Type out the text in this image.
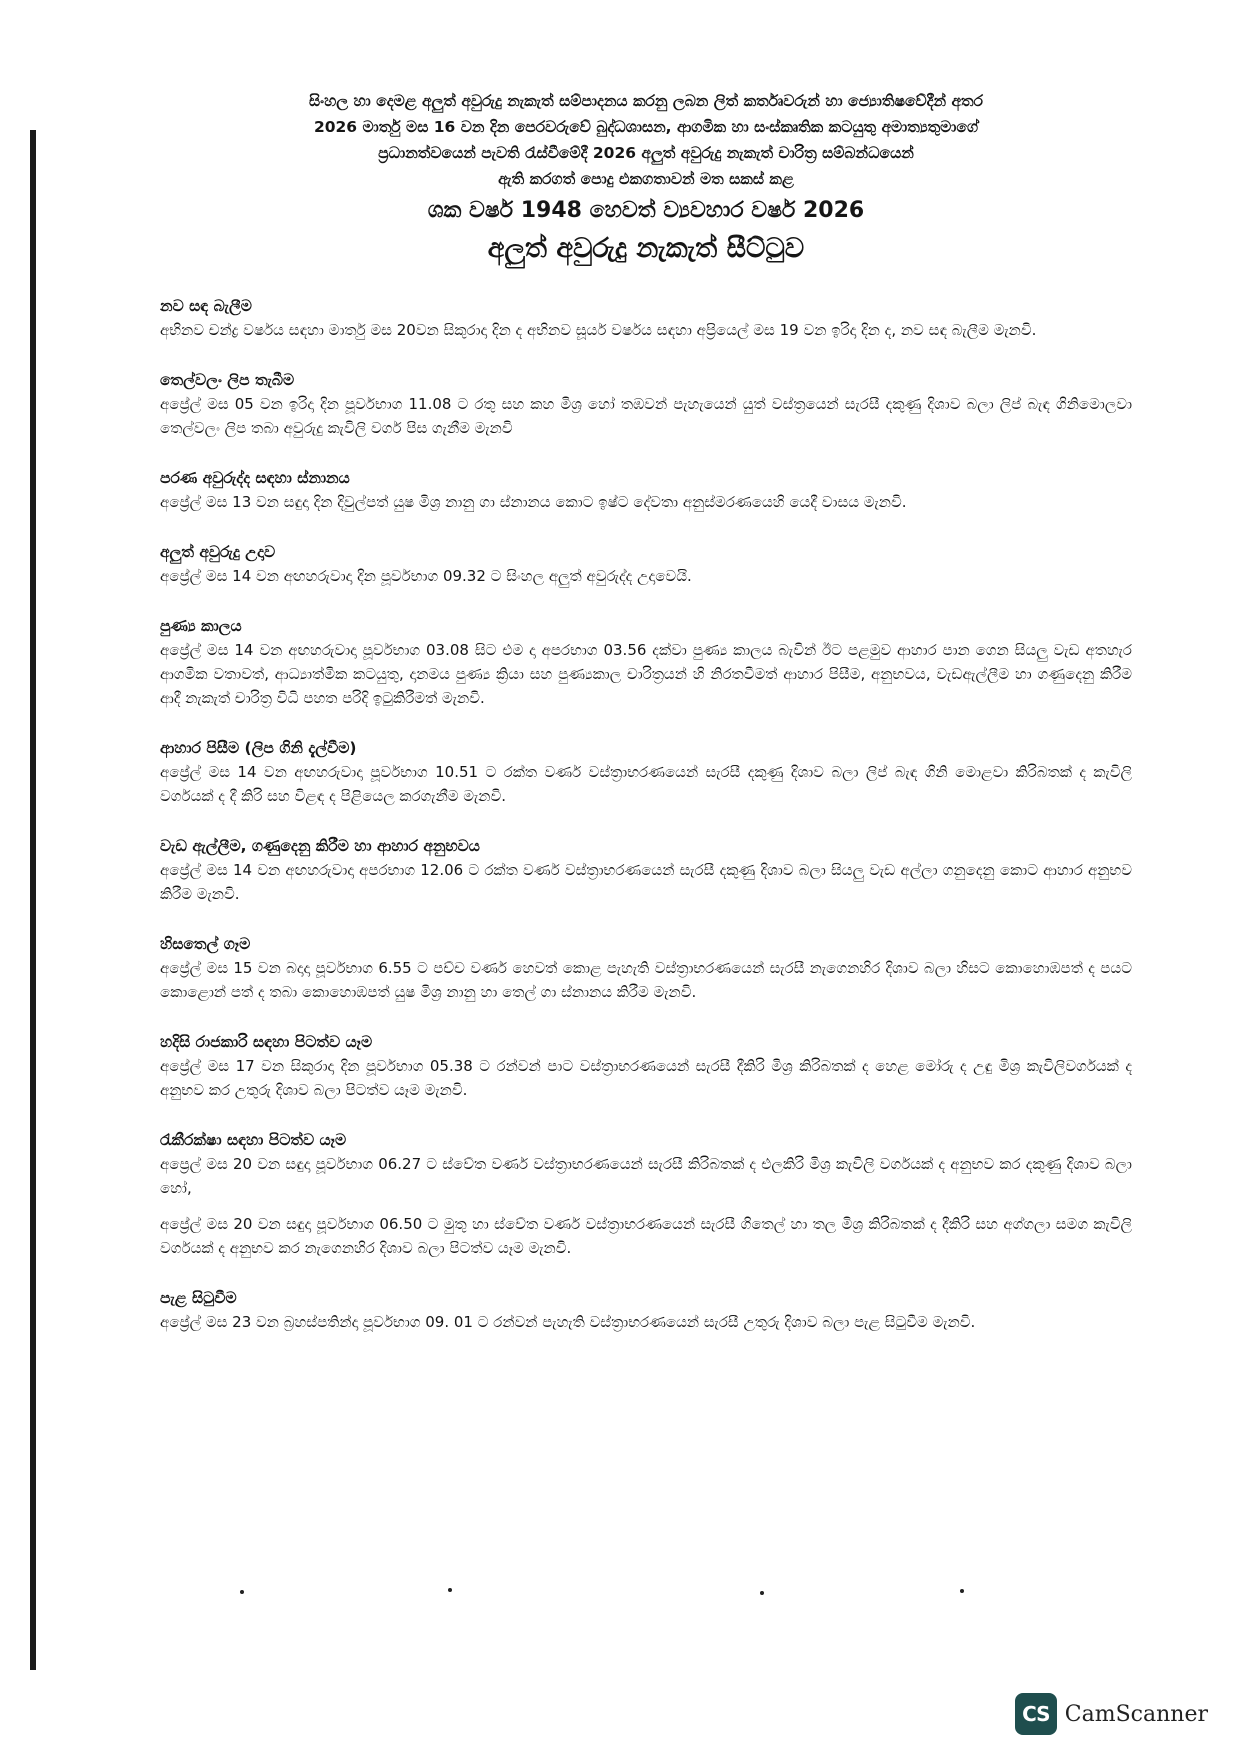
සිංහල හා දෙමළ අලුත් අවුරුදු නැකැත් සම්පාදනය කරනු ලබන ලිත් කර්තෘවරුන් හා ජ්‍යොතිෂවේදීන් අතර
2026 මාර්තු මස 16 වන දින පෙරවරුවේ බුද්ධශාසන, ආගමික හා සංස්කෘතික කටයුතු අමාත්‍යතුමාගේ
ප්‍රධානත්වයෙන් පැවති රැස්වීමේදී 2026 අලුත් අවුරුදු නැකැත් චාරිත්‍ර සම්බන්ධයෙන්
ඇති කරගත් පොදු එකගතාවන් මත සකස් කළ
ශක වර්ෂ 1948 හෙවත් ව්‍යවහාර වර්ෂ 2026
අලුත් අවුරුදු නැකැත් සීට්ටුව
නව සඳ බැලීම

අභිනව චන්ද්‍ර වර්ෂය සඳහා මාර්තු මස 20වන සිකුරාදා දින ද අභිනව සූර්ය වර්ෂය සඳහා අප්‍රියෙල් මස 19 වන ඉරිදා දින ද, නව සඳ බැලීම මැනවි.

තෙල්වලං ලිප තැබීම

අප්‍රේල් මස 05 වන ඉරිදා දින පූර්වභාග 11.08 ට රතු සහ කහ මිශ්‍ර හෝ තඹවන් පැහැයෙන් යුත් වස්ත්‍රයෙන් සැරසී දකුණු දිශාව බලා ලිප් බැඳ ගිනිමොලවා තෙල්වලං ලිප තබා අවුරුදු කැවිලි වර්ග පිස ගැනීම මැනවි

පරණ අවුරුද්ද සඳහා ස්නානය

අප්‍රේල් මස 13 වන සඳුදා දින දිවුල්පත් යුෂ මිශ්‍ර නානු ගා ස්නානය කොට ඉෂ්ට දේවතා අනුස්මරණයෙහි යෙදී වාසය මැනවි.

අලුත් අවුරුදු උදාව

අප්‍රේල් මස 14 වන අඟහරුවාදා දින පූර්වභාග 09.32 ට සිංහල අලුත් අවුරුද්ද උදාවෙයි.

පුණ්‍ය කාලය

අප්‍රේල් මස 14 වන අඟහරුවාදා පූර්වභාග 03.08 සිට එම දා අපරභාග 03.56 දක්වා පුණ්‍ය කාලය බැවින් ඊට පළමුව ආහාර පාන ගෙන සියලු වැඩ අතහැර ආගමික වතාවත්, ආධ්‍යාත්මික කටයුතු, දානමය පුණ්‍ය ක්‍රියා සහ පුණ්‍යකාල චාරිත්‍රයන් හි නිරතවීමත් ආහාර පිසීම, අනුභවය, වැඩඇල්ලීම හා ගණුදෙනු කිරීම ආදී නැකැත් චාරිත්‍ර විධි පහත පරිදි ඉටුකිරීමත් මැනවි.

ආහාර පිසීම (ලිප ගිනි දැල්වීම)

අප්‍රේල් මස 14 වන අඟහරුවාදා පූර්වභාග 10.51 ට රක්ත වර්ණ වස්ත්‍රාභරණයෙන් සැරසී දකුණු දිශාව බලා ලිප් බැඳ ගිනි මොළවා කිරිබතක් ද කැවිලි වර්ගයක් ද දී කිරි සහ විළඳ ද පිළියෙල කරගැනීම මැනවි.

වැඩ ඇල්ලීම, ගණුදෙනු කිරීම හා ආහාර අනුභවය

අප්‍රේල් මස 14 වන අඟහරුවාදා අපරභාග 12.06 ට රක්ත වර්ණ වස්ත්‍රාභරණයෙන් සැරසී දකුණු දිශාව බලා සියලු වැඩ අල්ලා ගනුදෙනු කොට ආහාර අනුභව කිරීම මැනවි.

හිසතෙල් ගෑම

අප්‍රේල් මස 15 වන බදාදා පූර්වභාග 6.55 ට පච්ච වර්ණ හෙවත් කොළ පැහැති වස්ත්‍රාභරණයෙන් සැරසී නැගෙනහිර දිශාව බලා හිසට කොහොඹපත් ද පයට කොළොන් පත් ද තබා කොහොඹපත් යුෂ මිශ්‍ර නානු හා තෙල් ගා ස්නානය කිරීම මැනවි.

හදිසි රාජකාරි සඳහා පිටත්ව යෑම

අප්‍රේල් මස 17 වන සිකුරාදා දින පූර්වභාග 05.38 ට රන්වන් පාට වස්ත්‍රාභරණයෙන් සැරසී දීකිරි මිශ්‍ර කිරිබතක් ද හෙළ මෝරු ද උඳු මිශ්‍ර කැවිලිවර්ගයක් ද අනුභව කර උතුරු දිශාව බලා පිටත්ව යෑම මැනවි.

රැකීරක්ෂා සඳහා පිටත්ව යෑම

අප්‍රෙල් මස 20 වන සඳුදා පූර්වභාග 06.27 ට ස්වේත වර්ණ වස්ත්‍රාභරණයෙන් සැරසී කිරිබතක් ද එලකිරි මිශ්‍ර කැවිලි වර්ගයක් ද අනුභව කර දකුණු දිශාව බලා හෝ,

අප්‍රේල් මස 20 වන සඳුදා පූර්වභාග 06.50 ට මුතු හා ස්වේත වර්ණ වස්ත්‍රාභරණයෙන් සැරසී ගිතෙල් හා තල මිශ්‍ර කිරිබතක් ද දීකිරි සහ අග්ගලා සමග කැවිලි වර්ගයක් ද අනුභව කර නැගෙනහිර දිශාව බලා පිටත්ව යෑම මැනවි.

පැළ සිටුවීම

අප්‍රේල් මස 23 වන බ්‍රහස්පතින්දා පූර්වභාග 09. 01 ට රන්වන් පැහැති වස්ත්‍රාභරණයෙන් සැරසී උතුරු දිශාව බලා පැළ සිටුවීම මැනවි.

CS CamScanner
